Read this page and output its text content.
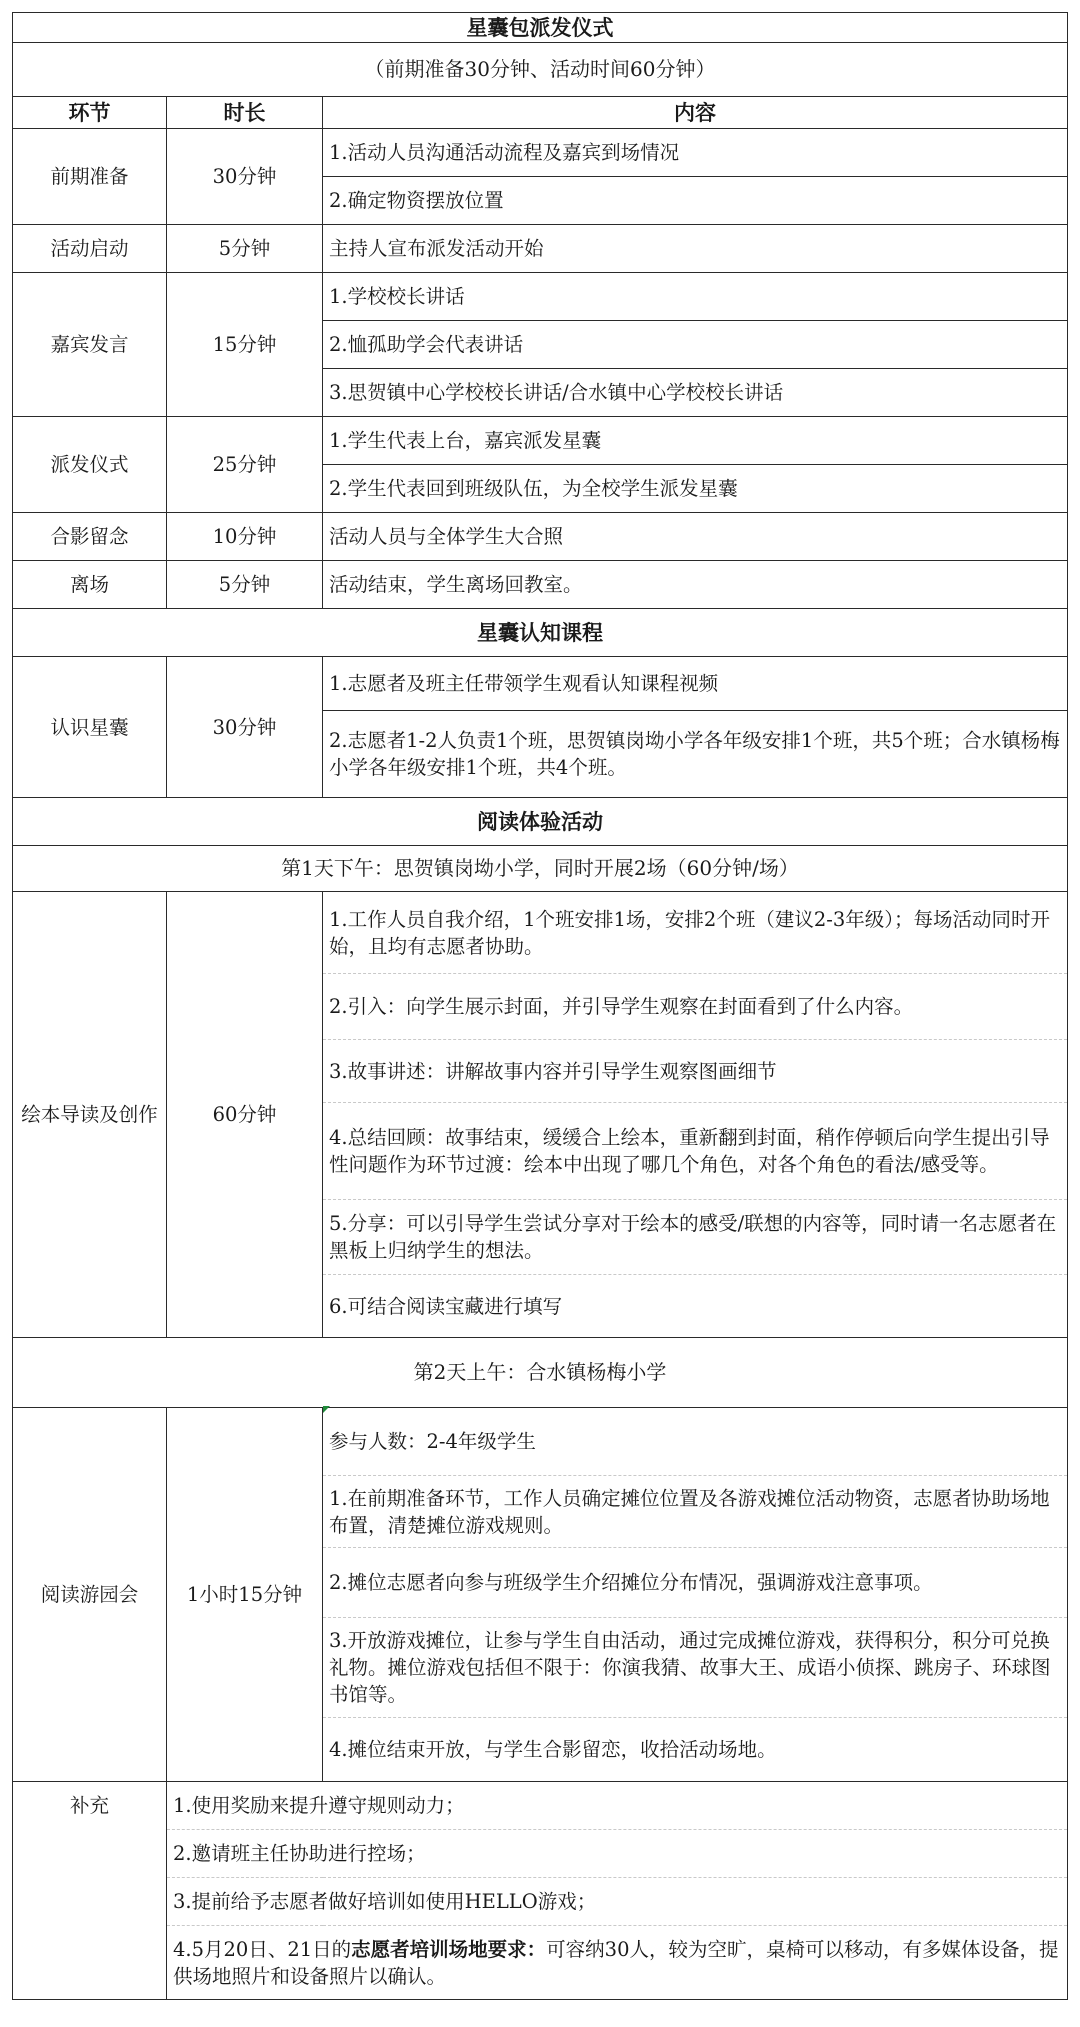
星囊包派发仪式		
（前期准备30分钟、活动时间60分钟）		
环节	时长	内容
前期准备	30分钟	1.活动人员沟通活动流程及嘉宾到场情况
		2.确定物资摆放位置
活动启动	5分钟	主持人宣布派发活动开始
嘉宾发言	15分钟	1.学校校长讲话
		2.恤孤助学会代表讲话
		3.思贺镇中心学校校长讲话/合水镇中心学校校长讲话
派发仪式	25分钟	1.学生代表上台，嘉宾派发星囊
		2.学生代表回到班级队伍，为全校学生派发星囊
合影留念	10分钟	活动人员与全体学生大合照
离场	5分钟	活动结束，学生离场回教室。
星囊认知课程		
认识星囊	30分钟	1.志愿者及班主任带领学生观看认知课程视频
		2.志愿者1-2人负责1个班，思贺镇岗坳小学各年级安排1个班，共5个班；合水镇杨梅小学各年级安排1个班，共4个班。
阅读体验活动		
第1天下午：思贺镇岗坳小学，同时开展2场（60分钟/场）		
绘本导读及创作	60分钟	1.工作人员自我介绍，1个班安排1场，安排2个班（建议2-3年级）；每场活动同时开始，且均有志愿者协助。
		2.引入：向学生展示封面，并引导学生观察在封面看到了什么内容。
		3.故事讲述：讲解故事内容并引导学生观察图画细节
		4.总结回顾：故事结束，缓缓合上绘本，重新翻到封面，稍作停顿后向学生提出引导性问题作为环节过渡：绘本中出现了哪几个角色，对各个角色的看法/感受等。
		5.分享：可以引导学生尝试分享对于绘本的感受/联想的内容等，同时请一名志愿者在黑板上归纳学生的想法。
		6.可结合阅读宝藏进行填写
第2天上午：合水镇杨梅小学		
阅读游园会	1小时15分钟	参与人数：2-4年级学生
		1.在前期准备环节，工作人员确定摊位位置及各游戏摊位活动物资，志愿者协助场地布置，清楚摊位游戏规则。
		2.摊位志愿者向参与班级学生介绍摊位分布情况，强调游戏注意事项。
		3.开放游戏摊位，让参与学生自由活动，通过完成摊位游戏，获得积分，积分可兑换礼物。摊位游戏包括但不限于：你演我猜、故事大王、成语小侦探、跳房子、环球图书馆等。
		4.摊位结束开放，与学生合影留恋，收拾活动场地。
补充	1.使用奖励来提升遵守规则动力；	
	2.邀请班主任协助进行控场；	
	3.提前给予志愿者做好培训如使用HELLO游戏；	
	4.5月20日、21日的志愿者培训场地要求：可容纳30人，较为空旷，桌椅可以移动，有多媒体设备，提供场地照片和设备照片以确认。	
